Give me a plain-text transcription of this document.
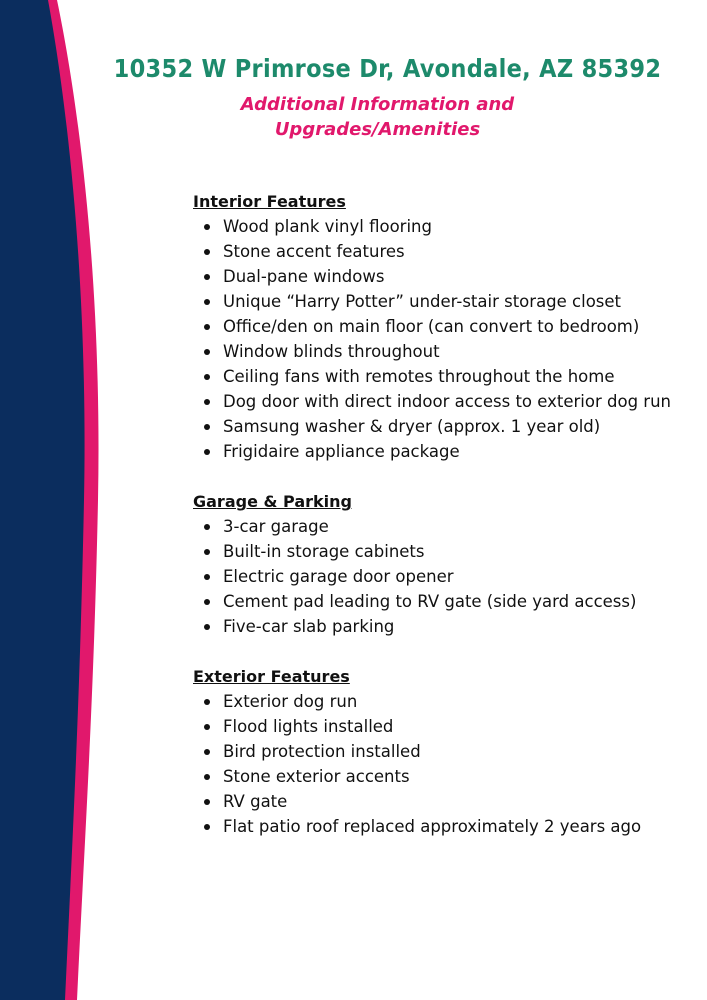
10352 W Primrose Dr, Avondale, AZ 85392
Additional Information and Upgrades/Amenities
Interior Features
Wood plank vinyl flooring
Stone accent features
Dual-pane windows
Unique “Harry Potter” under-stair storage closet
Office/den on main floor (can convert to bedroom)
Window blinds throughout
Ceiling fans with remotes throughout the home
Dog door with direct indoor access to exterior dog run
Samsung washer & dryer (approx. 1 year old)
Frigidaire appliance package
Garage & Parking
3-car garage
Built-in storage cabinets
Electric garage door opener
Cement pad leading to RV gate (side yard access)
Five-car slab parking
Exterior Features
Exterior dog run
Flood lights installed
Bird protection installed
Stone exterior accents
RV gate
Flat patio roof replaced approximately 2 years ago
